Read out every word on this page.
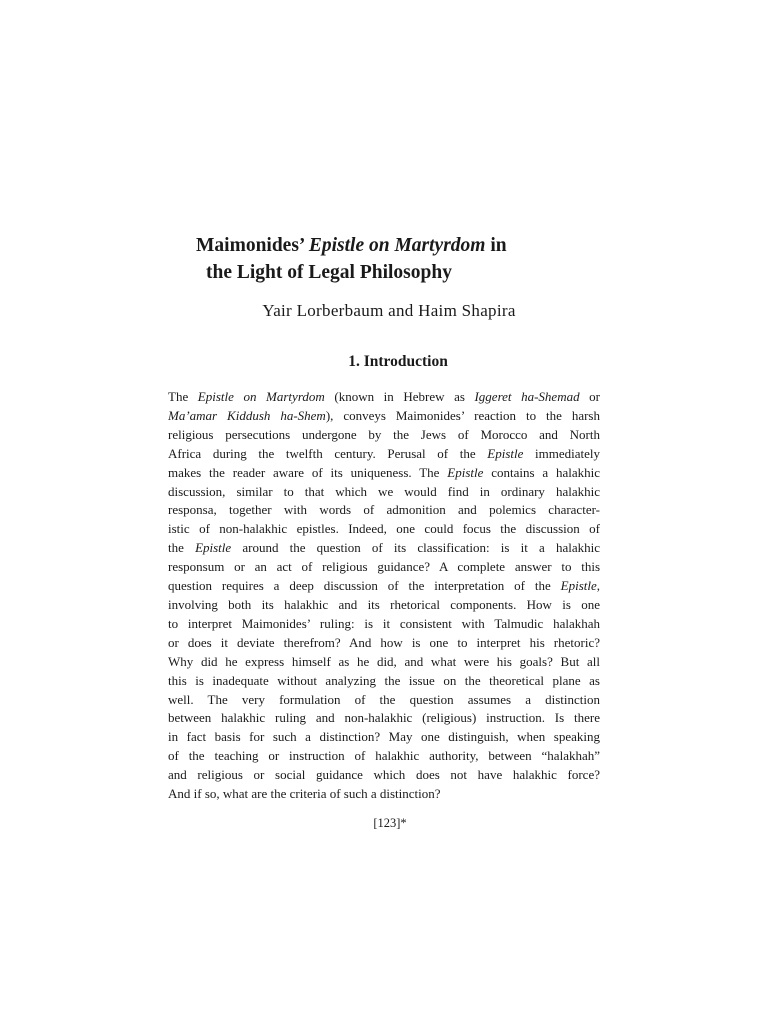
Maimonides’ Epistle on Martyrdom in
the Light of Legal Philosophy
Yair Lorberbaum and Haim Shapira
1. Introduction
The Epistle on Martyrdom (known in Hebrew as Iggeret ha-Shemad or
Ma’amar Kiddush ha-Shem), conveys Maimonides’ reaction to the harsh
religious persecutions undergone by the Jews of Morocco and North
Africa during the twelfth century. Perusal of the Epistle immediately
makes the reader aware of its uniqueness. The Epistle contains a halakhic
discussion, similar to that which we would find in ordinary halakhic
responsa, together with words of admonition and polemics character-
istic of non-halakhic epistles. Indeed, one could focus the discussion of
the Epistle around the question of its classification: is it a halakhic
responsum or an act of religious guidance? A complete answer to this
question requires a deep discussion of the interpretation of the Epistle,
involving both its halakhic and its rhetorical components. How is one
to interpret Maimonides’ ruling: is it consistent with Talmudic halakhah
or does it deviate therefrom? And how is one to interpret his rhetoric?
Why did he express himself as he did, and what were his goals? But all
this is inadequate without analyzing the issue on the theoretical plane as
well. The very formulation of the question assumes a distinction
between halakhic ruling and non-halakhic (religious) instruction. Is there
in fact basis for such a distinction? May one distinguish, when speaking
of the teaching or instruction of halakhic authority, between “halakhah”
and religious or social guidance which does not have halakhic force?
And if so, what are the criteria of such a distinction?
[123]*
